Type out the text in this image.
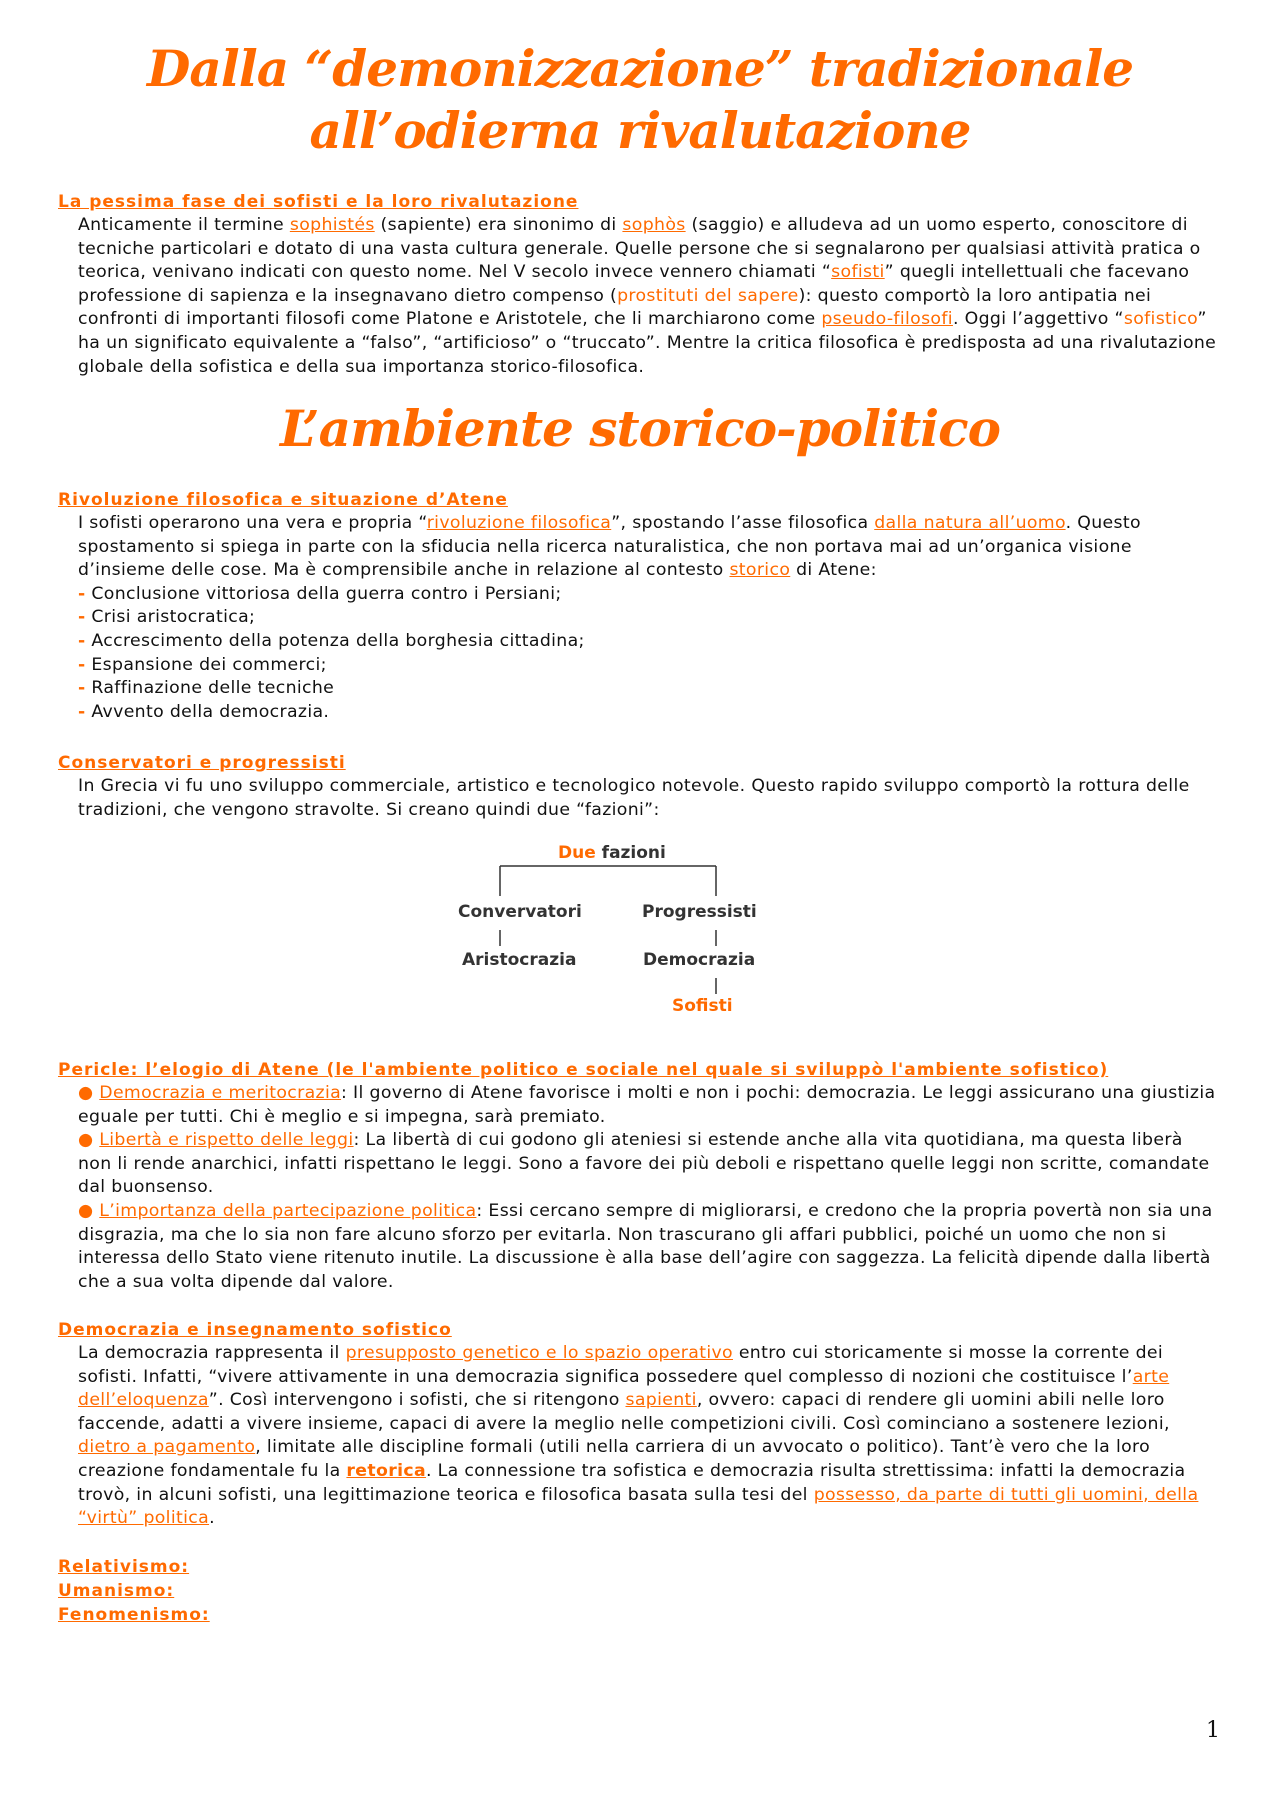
Dalla “demonizzazione” tradizionale all’odierna rivalutazione
La pessima fase dei sofisti e la loro rivalutazione
Anticamente il termine sophistés (sapiente) era sinonimo di sophòs (saggio) e alludeva ad un uomo esperto, conoscitore di tecniche particolari e dotato di una vasta cultura generale. Quelle persone che si segnalarono per qualsiasi attività pratica o teorica, venivano indicati con questo nome. Nel V secolo invece vennero chiamati “sofisti” quegli intellettuali che facevano professione di sapienza e la insegnavano dietro compenso (prostituti del sapere): questo comportò la loro antipatia nei confronti di importanti filosofi come Platone e Aristotele, che li marchiarono come pseudo-filosofi. Oggi l’aggettivo “sofistico” ha un significato equivalente a “falso”, “artificioso” o “truccato”. Mentre la critica filosofica è predisposta ad una rivalutazione globale della sofistica e della sua importanza storico-filosofica.
L’ambiente storico-politico
Rivoluzione filosofica e situazione d’Atene
I sofisti operarono una vera e propria “rivoluzione filosofica”, spostando l’asse filosofica dalla natura all’uomo. Questo spostamento si spiega in parte con la sfiducia nella ricerca naturalistica, che non portava mai ad un’organica visione d’insieme delle cose. Ma è comprensibile anche in relazione al contesto storico di Atene:
- Conclusione vittoriosa della guerra contro i Persiani;
- Crisi aristocratica;
- Accrescimento della potenza della borghesia cittadina;
- Espansione dei commerci;
- Raffinazione delle tecniche
- Avvento della democrazia.
Conservatori e progressisti
In Grecia vi fu uno sviluppo commerciale, artistico e tecnologico notevole. Questo rapido sviluppo comportò la rottura delle tradizioni, che vengono stravolte. Si creano quindi due “fazioni”:
Due fazioni
Convervatori	Progressisti
Aristocrazia	Democrazia
Sofisti
Pericle: l’elogio di Atene (le l'ambiente politico e sociale nel quale si sviluppò l'ambiente sofistico)
● Democrazia e meritocrazia: Il governo di Atene favorisce i molti e non i pochi: democrazia. Le leggi assicurano una giustizia eguale per tutti. Chi è meglio e si impegna, sarà premiato.
● Libertà e rispetto delle leggi: La libertà di cui godono gli ateniesi si estende anche alla vita quotidiana, ma questa liberà non li rende anarchici, infatti rispettano le leggi. Sono a favore dei più deboli e rispettano quelle leggi non scritte, comandate dal buonsenso.
● L’importanza della partecipazione politica: Essi cercano sempre di migliorarsi, e credono che la propria povertà non sia una disgrazia, ma che lo sia non fare alcuno sforzo per evitarla. Non trascurano gli affari pubblici, poiché un uomo che non si interessa dello Stato viene ritenuto inutile. La discussione è alla base dell’agire con saggezza. La felicità dipende dalla libertà che a sua volta dipende dal valore.
Democrazia e insegnamento sofistico
La democrazia rappresenta il presupposto genetico e lo spazio operativo entro cui storicamente si mosse la corrente dei sofisti. Infatti, “vivere attivamente in una democrazia significa possedere quel complesso di nozioni che costituisce l’arte dell’eloquenza”. Così intervengono i sofisti, che si ritengono sapienti, ovvero: capaci di rendere gli uomini abili nelle loro faccende, adatti a vivere insieme, capaci di avere la meglio nelle competizioni civili. Così cominciano a sostenere lezioni, dietro a pagamento, limitate alle discipline formali (utili nella carriera di un avvocato o politico). Tant’è vero che la loro creazione fondamentale fu la retorica. La connessione tra sofistica e democrazia risulta strettissima: infatti la democrazia trovò, in alcuni sofisti, una legittimazione teorica e filosofica basata sulla tesi del possesso, da parte di tutti gli uomini, della “virtù” politica.
Relativismo:
Umanismo:
Fenomenismo:
1
